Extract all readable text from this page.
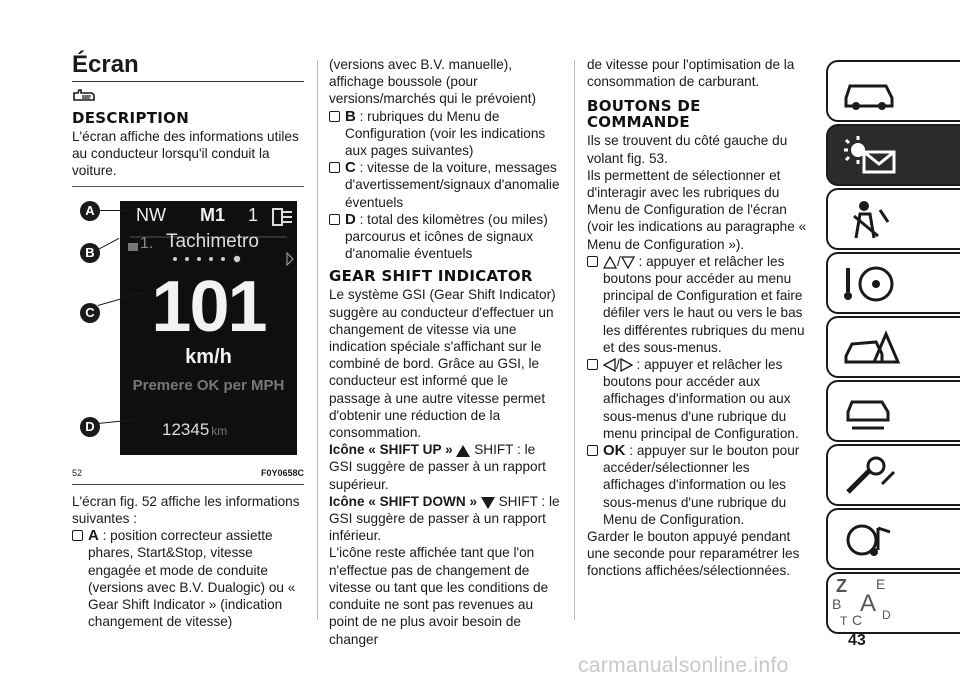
Écran
DESCRIPTION

L'écran affiche des informations utiles au conducteur lorsqu'il conduit la voiture.

NW M1 1
1. Tachimetro
101
km/h
Premere OK per MPH
12345 km
A
B
C
D
52	F0Y0658C

L'écran fig. 52 affiche les informations suivantes :

A : position correcteur assiette phares, Start&Stop, vitesse engagée et mode de conduite (versions avec B.V. Dualogic) ou « Gear Shift Indicator » (indication changement de vitesse)

(versions avec B.V. manuelle), affichage boussole (pour versions/marchés qui le prévoient)

B : rubriques du Menu de Configuration (voir les indications aux pages suivantes)
C : vitesse de la voiture, messages d'avertissement/signaux d'anomalie éventuels
D : total des kilomètres (ou miles) parcourus et icônes de signaux d'anomalie éventuels
GEAR SHIFT INDICATOR

Le système GSI (Gear Shift Indicator) suggère au conducteur d'effectuer un changement de vitesse via une indication spéciale s'affichant sur le combiné de bord. Grâce au GSI, le conducteur est informé que le passage à une autre vitesse permet d'obtenir une réduction de la consommation.

Icône « SHIFT UP »  SHIFT : le GSI suggère de passer à un rapport supérieur.

Icône « SHIFT DOWN »  SHIFT : le GSI suggère de passer à un rapport inférieur.

L'icône reste affichée tant que l'on n'effectue pas de changement de vitesse ou tant que les conditions de conduite ne sont pas revenues au point de ne plus avoir besoin de changer

de vitesse pour l'optimisation de la consommation de carburant.

BOUTONS DE
COMMANDE

Ils se trouvent du côté gauche du volant fig. 53.

Ils permettent de sélectionner et d'interagir avec les rubriques du Menu de Configuration de l'écran (voir les indications au paragraphe « Menu de Configuration »).

/ : appuyer et relâcher les boutons pour accéder au menu principal de Configuration et faire défiler vers le haut ou vers le bas les différentes rubriques du menu et des sous-menus.
/ : appuyer et relâcher les boutons pour accéder aux affichages d'information ou aux sous-menus d'une rubrique du menu principal de Configuration.
OK : appuyer sur le bouton pour accéder/sélectionner les affichages d'information ou les sous-menus d'une rubrique du Menu de Configuration.

Garder le bouton appuyé pendant une seconde pour reparamétrer les fonctions affichées/sélectionnées.

Z E
B A
C
T	D
43
carmanualsonline.info
